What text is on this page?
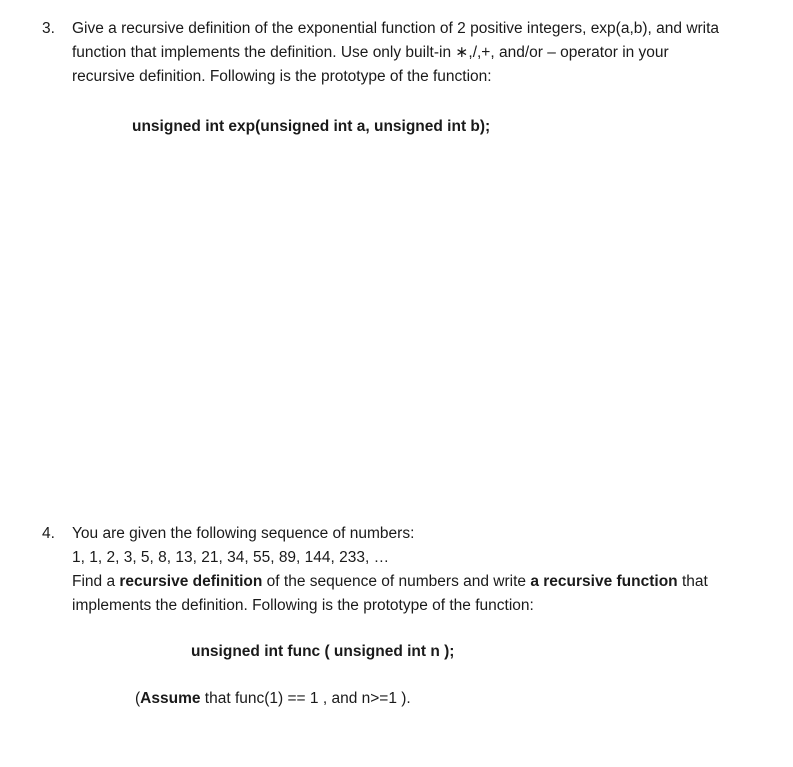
3. Give a recursive definition of the exponential function of 2 positive integers, exp(a,b), and writa
function that implements the definition. Use only built-in ∗,/,+, and/or – operator in your
recursive definition. Following is the prototype of the function:
unsigned int exp(unsigned int a, unsigned int b);
4. You are given the following sequence of numbers:
1, 1, 2, 3, 5, 8, 13, 21, 34, 55, 89, 144, 233, …
Find a recursive definition of the sequence of numbers and write a recursive function that
implements the definition. Following is the prototype of the function:
unsigned int func ( unsigned int n );
(Assume that func(1) == 1 , and n>=1 ).
